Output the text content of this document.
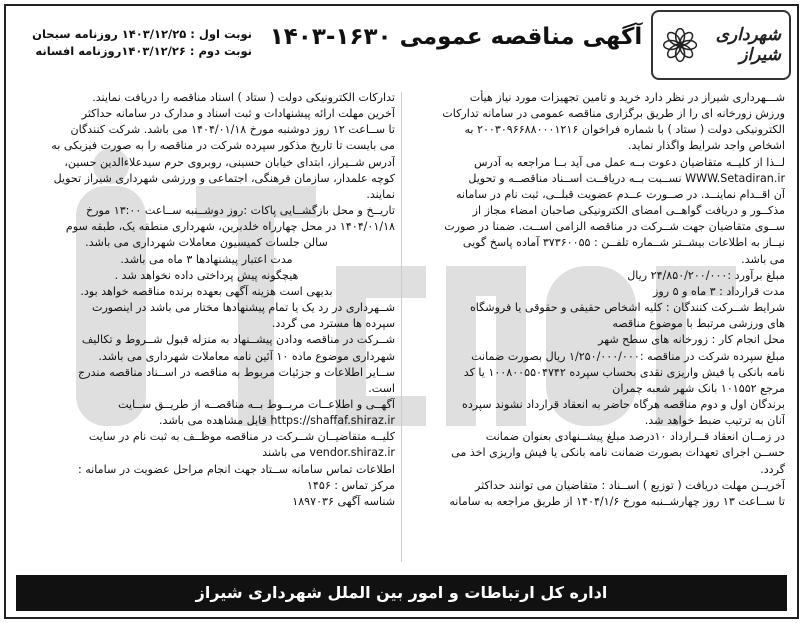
شهرداری شیراز
آگهی مناقصه عمومی ۱۶۳۰-۱۴۰۳
نوبت اول : ۱۴۰۳/۱۲/۲۵ روزنامه سبحان
نوبت دوم : ۱۴۰۳/۱۲/۲۶روزنامه افسانه

شـــهرداری شیراز در نظر دارد خرید و تامین تجهیزات مورد نیاز هیأت

ورزش زورخانه ای را از طریق برگزاری مناقصه عمومی در سامانه تدارکات

الکترونیکی دولت ( ستاد ) با شماره فراخوان ۲۰۰۳۰۹۶۶۸۸۰۰۰۱۲۱۶ به

اشخاص واجد شرایط واگذار نماید.

لــذا از کلیــه متقاضیان دعوت بــه عمل می آید بــا مراجعه به آدرس

WWW.Setadiran.ir نســبت بــه دریافــت اســناد مناقصــه و تحویل

آن اقــدام نماینــد. در صــورت عــدم عضویت قبلــی، ثبت نام در سامانه

مذکــور و دریافت گواهــی امضای الکترونیکی صاحبان امضاء مجاز از

ســوی متقاضیان جهت شــرکت در مناقصه الزامی اســت. ضمنا در صورت

نیــاز به اطلاعات بیشــتر شــماره تلفــن : ۳۷۳۶۰۰۵۵ آماده پاسخ گویی

می باشد.

مبلغ برآورد :۲۴/۸۵۰/۲۰۰/۰۰۰ ریال

مدت قرارداد : ۳ ماه و ۵ روز

شرایط شــرکت کنندگان : کلیه اشخاص حقیقی و حقوقی یا فروشگاه

های ورزشی مرتبط با موضوع مناقصه

محل انجام کار : زورخانه های سطح شهر

مبلغ سپرده شرکت در مناقصه :۱/۲۵۰/۰۰۰/۰۰۰ ریال بصورت ضمانت

نامه بانکی یا فیش واریزی نقدی بحساب سپرده ۱۰۰۸۰۰۵۵۰۴۷۴۲ یا کد

مرجع ۱۰۱۵۵۲ بانک شهر شعبه چمران

برندگان اول و دوم مناقصه هرگاه حاضر به انعقاد قرارداد نشوند سپرده

آنان به ترتیب ضبط خواهد شد.

در زمــان انعقاد قــرارداد ۱۰درصد مبلغ پیشــنهادی بعنوان ضمانت

حســن اجرای تعهدات بصورت ضمانت نامه بانکی یا فیش واریزی اخذ می

گردد.

آخریــن مهلت دریافت ( توزیع ) اســناد : متقاضیان می توانند حداکثر

تا ســاعت ۱۳ روز چهارشــنبه مورخ ۱۴۰۴/۱/۶ از طریق مراجعه به سامانه

تدارکات الکترونیکی دولت ( ستاد ) اسناد مناقصه را دریافت نمایند.

آخرین مهلت ارائه پیشنهادات و ثبت اسناد و مدارک در سامانه حداکثر

تا ســاعت ۱۲ روز دوشنبه مورخ ۱۴۰۴/۰۱/۱۸ می باشد. شرکت کنندگان

می بایست تا تاریخ مذکور سپرده شرکت در مناقصه را به صورت فیزیکی به

آدرس شــیراز، ابتدای خیابان حسینی، روبروی حرم سیدعلاءالدین حسین،

کوچه علمدار، سازمان فرهنگی، اجتماعی و ورزشی شهرداری شیراز تحویل

نمایند.

تاریــخ و محل بازگشــایی پاکات :روز دوشــنبه ســاعت ۱۳:۰۰ مورخ

۱۴۰۴/۰۱/۱۸ در محل چهارراه خلدبرین، شهرداری منطقه یک، طبقه سوم

سالن جلسات کمیسیون معاملات شهرداری می باشد.

مدت اعتبار پیشنهادها ۳ ماه می باشد.

هیچگونه پیش پرداختی داده نخواهد شد .

بدیهی است هزینه آگهی بعهده برنده مناقصه خواهد بود.

شــهرداری در رد یک یا تمام پیشنهادها مختار می باشد در اینصورت

سپرده ها مسترد می گردد.

شــرکت در مناقصه ودادن پیشــنهاد به منزله قبول شــروط و تکالیف

شهرداری موضوع ماده ۱۰ آئین نامه معاملات شهرداری می باشد.

ســایر اطلاعات و جزئیات مربوط به مناقصه در اســناد مناقصه مندرج

است.

آگهــی و اطلاعــات مربــوط بــه مناقصــه از طریــق ســایت

https://shaffaf.shiraz.ir قابل مشاهده می باشد.

کلیــه متقاضیــان شــرکت در مناقصه موظــف به ثبت نام در سایت

vendor.shiraz.ir می باشند

اطلاعات تماس سامانه ســتاد جهت انجام مراحل عضویت در سامانه :

مرکز تماس : ۱۴۵۶

شناسه آگهی ۱۸۹۷۰۳۶

اداره کل ارتباطات و امور بین الملل شهرداری شیراز
